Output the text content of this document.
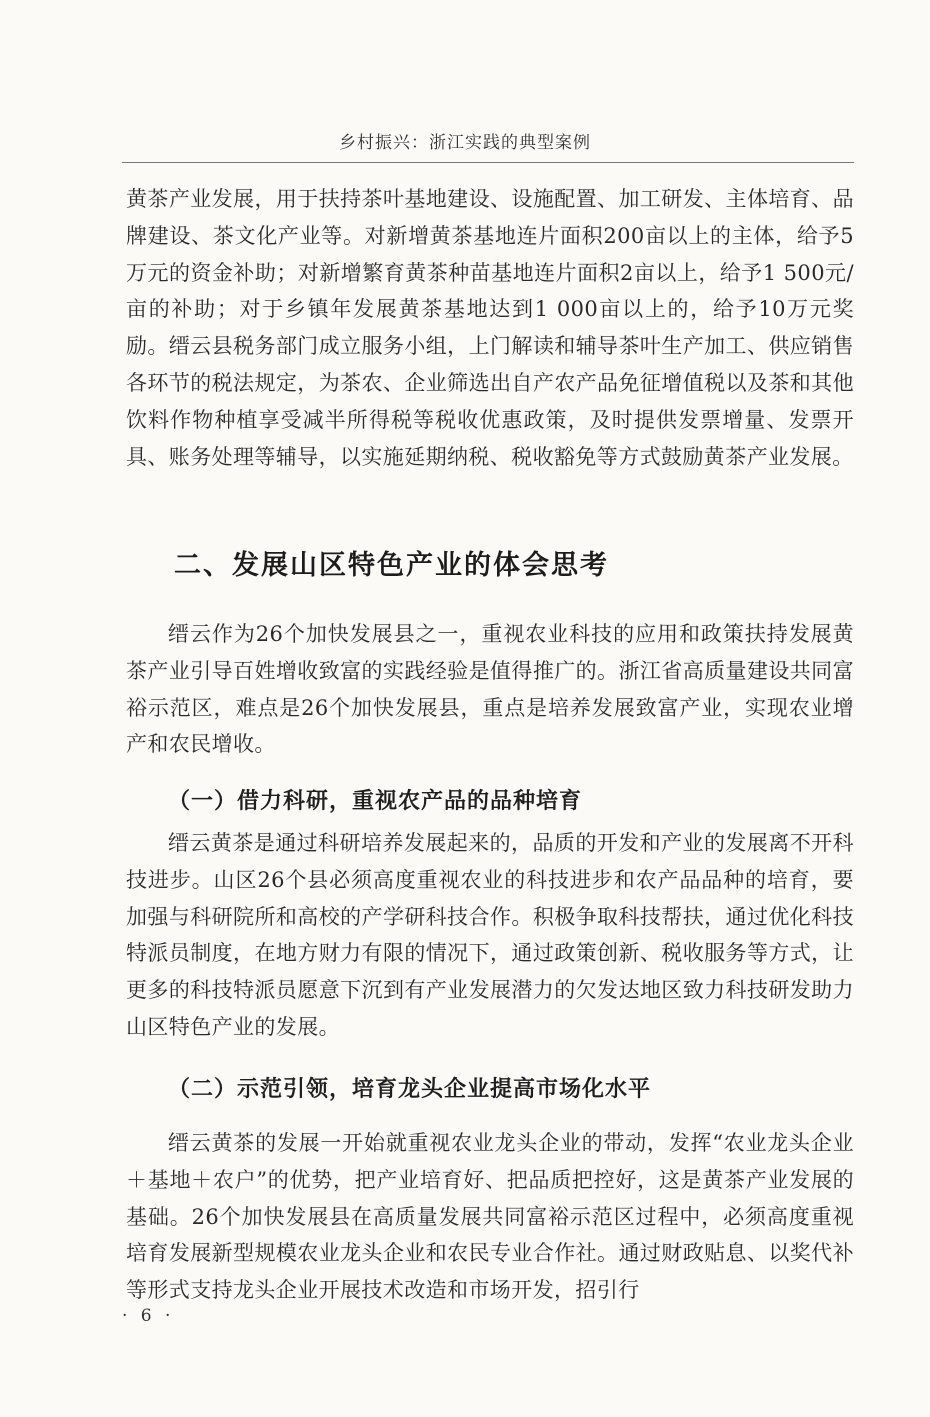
乡村振兴：浙江实践的典型案例

黄茶产业发展，用于扶持茶叶基地建设、设施配置、加工研发、主体培育、品牌建设、茶文化产业等。对新增黄茶基地连片面积200亩以上的主体，给予5万元的资金补助；对新增繁育黄茶种苗基地连片面积2亩以上，给予1 500元/亩的补助；对于乡镇年发展黄茶基地达到1 000亩以上的，给予10万元奖励。缙云县税务部门成立服务小组，上门解读和辅导茶叶生产加工、供应销售各环节的税法规定，为茶农、企业筛选出自产农产品免征增值税以及茶和其他饮料作物种植享受减半所得税等税收优惠政策，及时提供发票增量、发票开具、账务处理等辅导，以实施延期纳税、税收豁免等方式鼓励黄茶产业发展。

二、发展山区特色产业的体会思考

缙云作为26个加快发展县之一，重视农业科技的应用和政策扶持发展黄茶产业引导百姓增收致富的实践经验是值得推广的。浙江省高质量建设共同富裕示范区，难点是26个加快发展县，重点是培养发展致富产业，实现农业增产和农民增收。

（一）借力科研，重视农产品的品种培育

缙云黄茶是通过科研培养发展起来的，品质的开发和产业的发展离不开科技进步。山区26个县必须高度重视农业的科技进步和农产品品种的培育，要加强与科研院所和高校的产学研科技合作。积极争取科技帮扶，通过优化科技特派员制度，在地方财力有限的情况下，通过政策创新、税收服务等方式，让更多的科技特派员愿意下沉到有产业发展潜力的欠发达地区致力科技研发助力山区特色产业的发展。

（二）示范引领，培育龙头企业提高市场化水平

缙云黄茶的发展一开始就重视农业龙头企业的带动，发挥“农业龙头企业＋基地＋农户”的优势，把产业培育好、把品质把控好，这是黄茶产业发展的基础。26个加快发展县在高质量发展共同富裕示范区过程中，必须高度重视培育发展新型规模农业龙头企业和农民专业合作社。通过财政贴息、以奖代补等形式支持龙头企业开展技术改造和市场开发，招引行

· 6 ·
